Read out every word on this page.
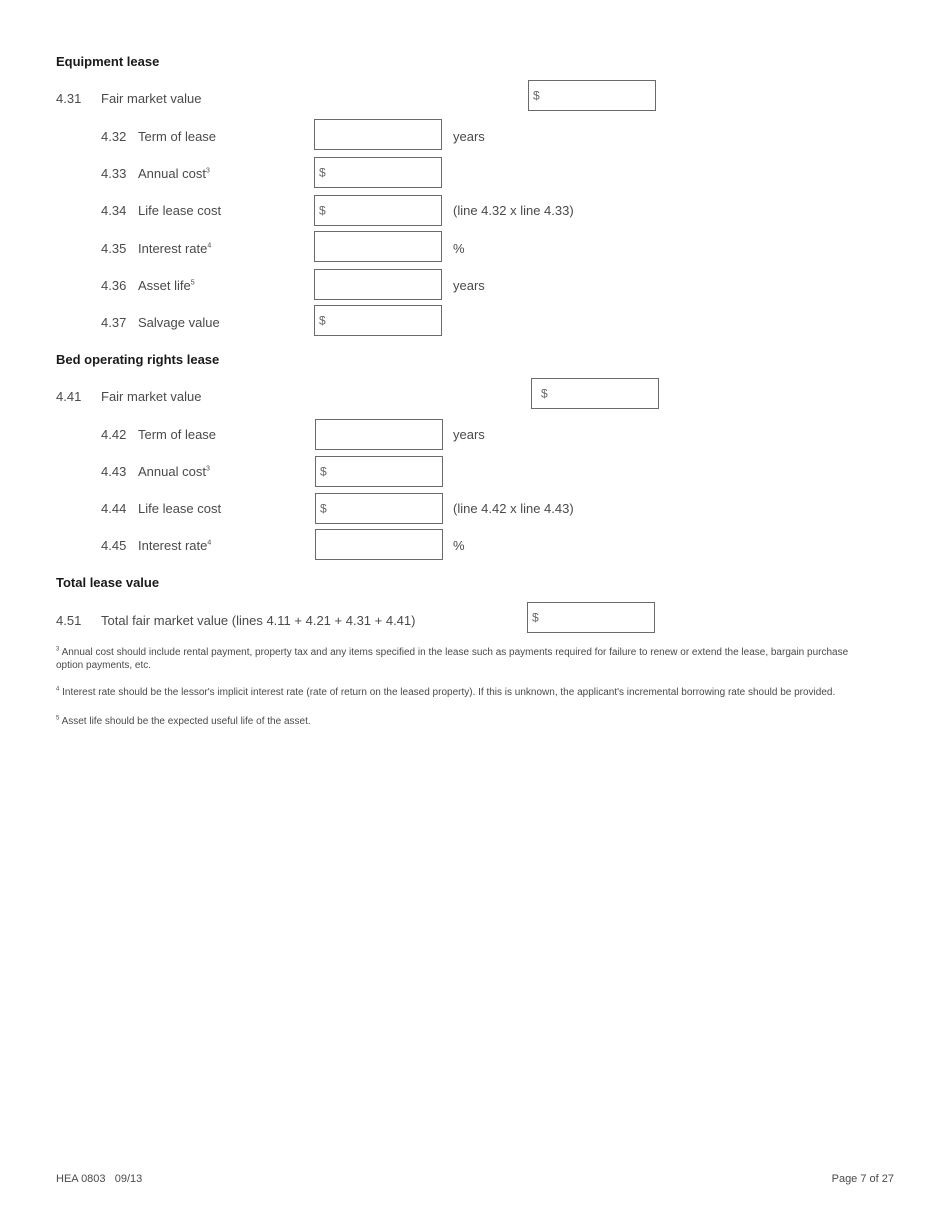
Equipment lease
4.31 Fair market value	$
4.32 Term of lease	years
4.33 Annual cost$^3$	$
4.34 Life lease cost	$	(line 4.32 x line 4.33)
4.35 Interest rate$^4$	%
4.36 Asset life$^5$	years
4.37 Salvage value	$
Bed operating rights lease
4.41 Fair market value	$
4.42 Term of lease	years
4.43 Annual cost$^3$	$
4.44 Life lease cost	$	(line 4.42 x line 4.43)
4.45 Interest rate$^4$	%
Total lease value
4.51 Total fair market value (lines 4.11 + 4.21 + 4.31 + 4.41)	$
$^3$ Annual cost should include rental payment, property tax and any items specified in the lease such as payments required for failure to renew or extend the lease, bargain purchase option payments, etc.
$^4$ Interest rate should be the lessor's implicit interest rate (rate of return on the leased property). If this is unknown, the applicant's incremental borrowing rate should be provided.
$^5$ Asset life should be the expected useful life of the asset.
HEA 0803   09/13	Page 7 of 27
